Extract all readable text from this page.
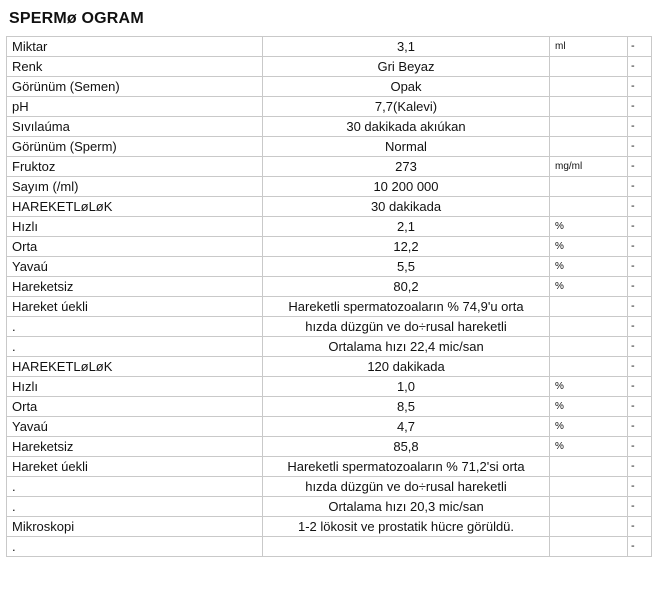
SPERMø OGRAM
Miktar	3,1	ml	-
Renk	Gri Beyaz		-
Görünüm (Semen)	Opak		-
pH	7,7(Kalevi)		-
Sıvılaúma	30 dakikada akıúkan		-
Görünüm (Sperm)	Normal		-
Fruktoz	273	mg/ml	-
Sayım (/ml)	10 200 000		-
HAREKETLøLøK	30 dakikada		-
Hızlı	2,1	%	-
Orta	12,2	%	-
Yavaú	5,5	%	-
Hareketsiz	80,2	%	-
Hareket úekli	Hareketli spermatozoaların % 74,9'u orta		-
.	hızda düzgün ve do÷rusal hareketli		-
.	Ortalama hızı 22,4 mic/san		-
HAREKETLøLøK	120 dakikada		-
Hızlı	1,0	%	-
Orta	8,5	%	-
Yavaú	4,7	%	-
Hareketsiz	85,8	%	-
Hareket úekli	Hareketli spermatozoaların % 71,2'si orta		-
.	hızda düzgün ve do÷rusal hareketli		-
.	Ortalama hızı 20,3 mic/san		-
Mikroskopi	1-2 lökosit ve prostatik hücre görüldü.		-
.			-
